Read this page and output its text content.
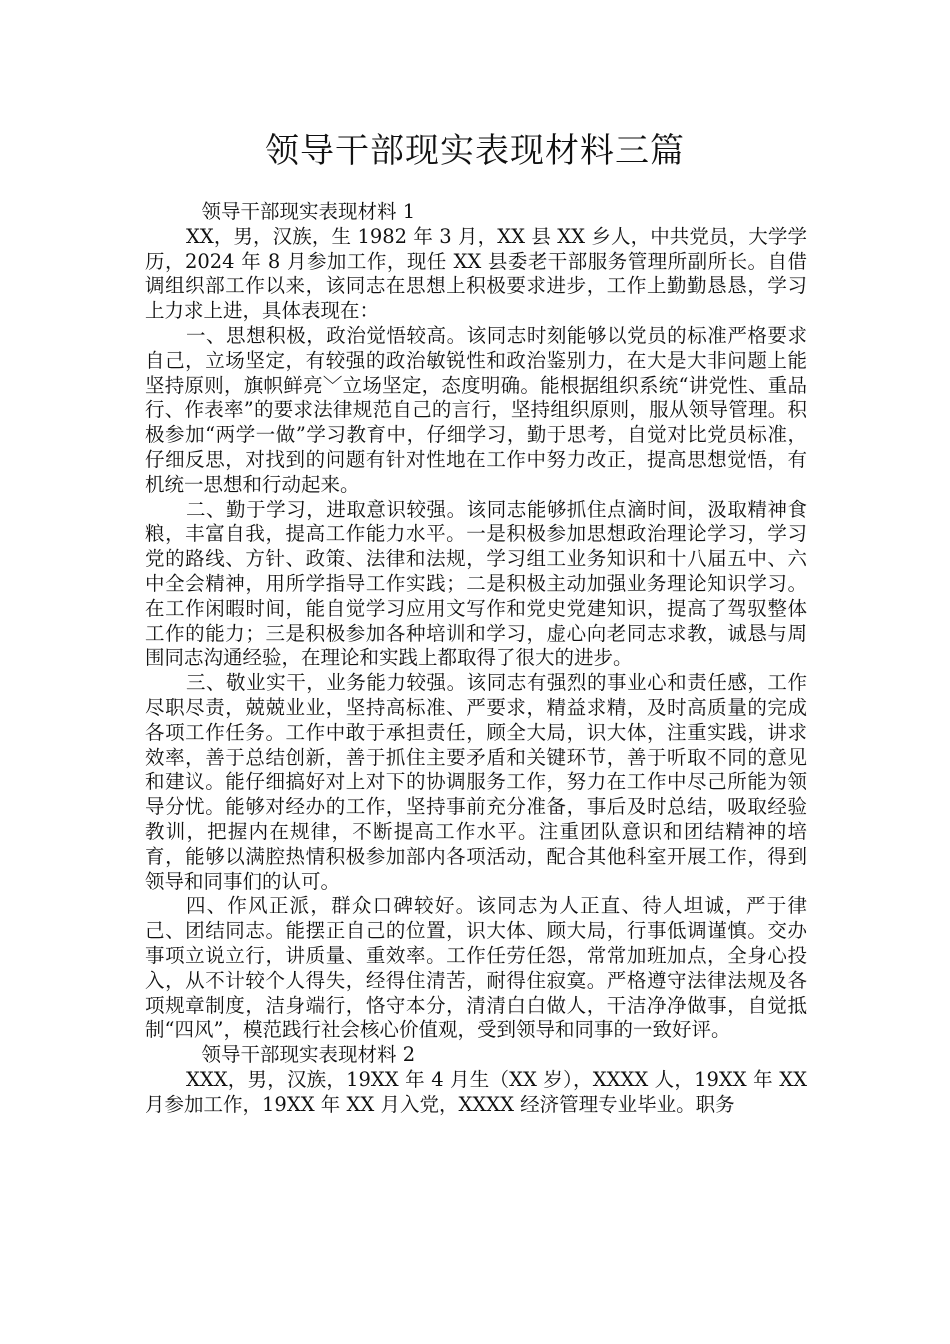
领导干部现实表现材料三篇

领导干部现实表现材料 1

XX，男，汉族，生 1982 年 3 月，XX 县 XX 乡人，中共党员，大学学历，2024 年 8 月参加工作，现任 XX 县委老干部服务管理所副所长。自借调组织部工作以来，该同志在思想上积极要求进步，工作上勤勤恳恳，学习上力求上进，具体表现在：

一、思想积极，政治觉悟较高。该同志时刻能够以党员的标准严格要求自己，立场坚定，有较强的政治敏锐性和政治鉴别力，在大是大非问题上能坚持原则，旗帜鲜亮﹀立场坚定，态度明确。能根据组织系统“讲党性、重品行、作表率”的要求法律规范自己的言行，坚持组织原则，服从领导管理。积极参加“两学一做”学习教育中，仔细学习，勤于思考，自觉对比党员标准，仔细反思，对找到的问题有针对性地在工作中努力改正，提高思想觉悟，有机统一思想和行动起来。

二、勤于学习，进取意识较强。该同志能够抓住点滴时间，汲取精神食粮，丰富自我，提高工作能力水平。一是积极参加思想政治理论学习，学习党的路线、方针、政策、法律和法规，学习组工业务知识和十八届五中、六中全会精神，用所学指导工作实践；二是积极主动加强业务理论知识学习。在工作闲暇时间，能自觉学习应用文写作和党史党建知识，提高了驾驭整体工作的能力；三是积极参加各种培训和学习，虚心向老同志求教，诚恳与周围同志沟通经验，在理论和实践上都取得了很大的进步。

三、敬业实干，业务能力较强。该同志有强烈的事业心和责任感，工作尽职尽责，兢兢业业，坚持高标准、严要求，精益求精，及时高质量的完成各项工作任务。工作中敢于承担责任，顾全大局，识大体，注重实践，讲求效率，善于总结创新，善于抓住主要矛盾和关键环节，善于听取不同的意见和建议。能仔细搞好对上对下的协调服务工作，努力在工作中尽己所能为领导分忧。能够对经办的工作，坚持事前充分准备，事后及时总结，吸取经验教训，把握内在规律，不断提高工作水平。注重团队意识和团结精神的培育，能够以满腔热情积极参加部内各项活动，配合其他科室开展工作，得到领导和同事们的认可。

四、作风正派，群众口碑较好。该同志为人正直、待人坦诚，严于律己、团结同志。能摆正自己的位置，识大体、顾大局，行事低调谨慎。交办事项立说立行，讲质量、重效率。工作任劳任怨，常常加班加点，全身心投入，从不计较个人得失，经得住清苦，耐得住寂寞。严格遵守法律法规及各项规章制度，洁身端行，恪守本分，清清白白做人，干洁净净做事，自觉抵制“四风”，模范践行社会核心价值观，受到领导和同事的一致好评。

领导干部现实表现材料 2

XXX，男，汉族，19XX 年 4 月生（XX 岁），XXXX 人，19XX 年 XX 月参加工作，19XX 年 XX 月入党，XXXX 经济管理专业毕业。职务
